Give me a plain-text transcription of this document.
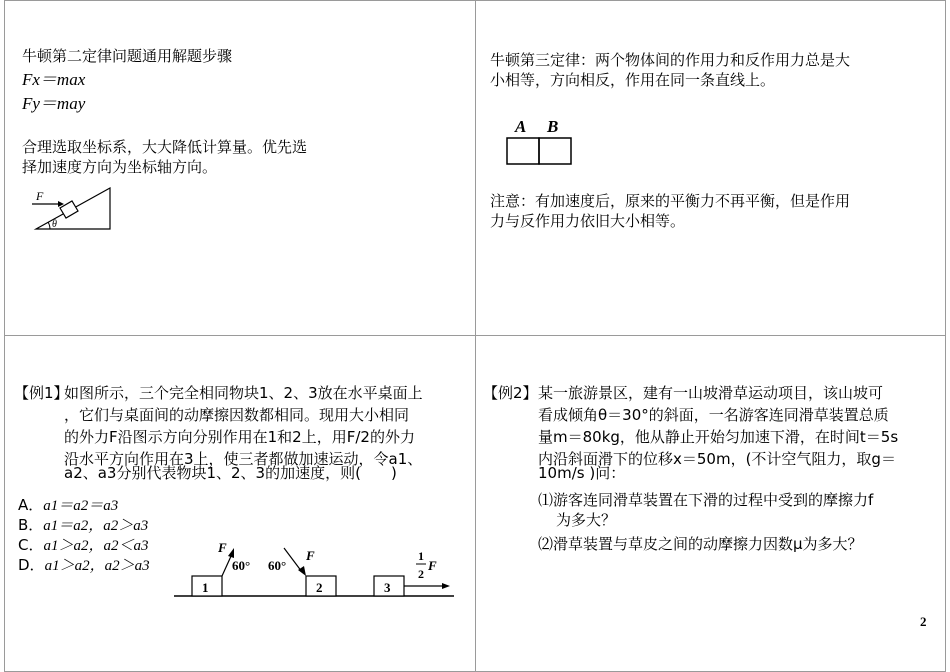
牛顿第二定律问题通用解题步骤
Fx＝max
Fy＝may
合理选取坐标系，大大降低计算量。优先选
择加速度方向为坐标轴方向。
F
θ
牛顿第三定律：两个物体间的作用力和反作用力总是大
小相等，方向相反，作用在同一条直线上。
A B
注意：有加速度后，原来的平衡力不再平衡，但是作用
力与反作用力依旧大小相等。
【例1】
如图所示，三个完全相同物块1、2、3放在水平桌面上
，它们与桌面间的动摩擦因数都相同。现用大小相同
的外力F沿图示方向分别作用在1和2上，用F/2的外力
沿水平方向作用在3上，使三者都做加速运动，令a1、
a2、a3分别代表物块1、2、3的加速度，则(　　)
A．a1＝a2＝a3
B．a1＝a2，a2＞a3
C．a1＞a2，a2＜a3
D．a1＞a2，a2＞a3
1	2	3
F
60°
F
60°
1
2
F
【例2】 某一旅游景区，建有一山坡滑草运动项目，该山坡可
看成倾角θ＝30°的斜面，一名游客连同滑草装置总质
量m＝80kg，他从静止开始匀加速下滑，在时间t＝5s
内沿斜面滑下的位移x＝50m，(不计空气阻力，取g＝
10m/s )问：
⑴游客连同滑草装置在下滑的过程中受到的摩擦力f
为多大？
⑵滑草装置与草皮之间的动摩擦力因数μ为多大？
2
